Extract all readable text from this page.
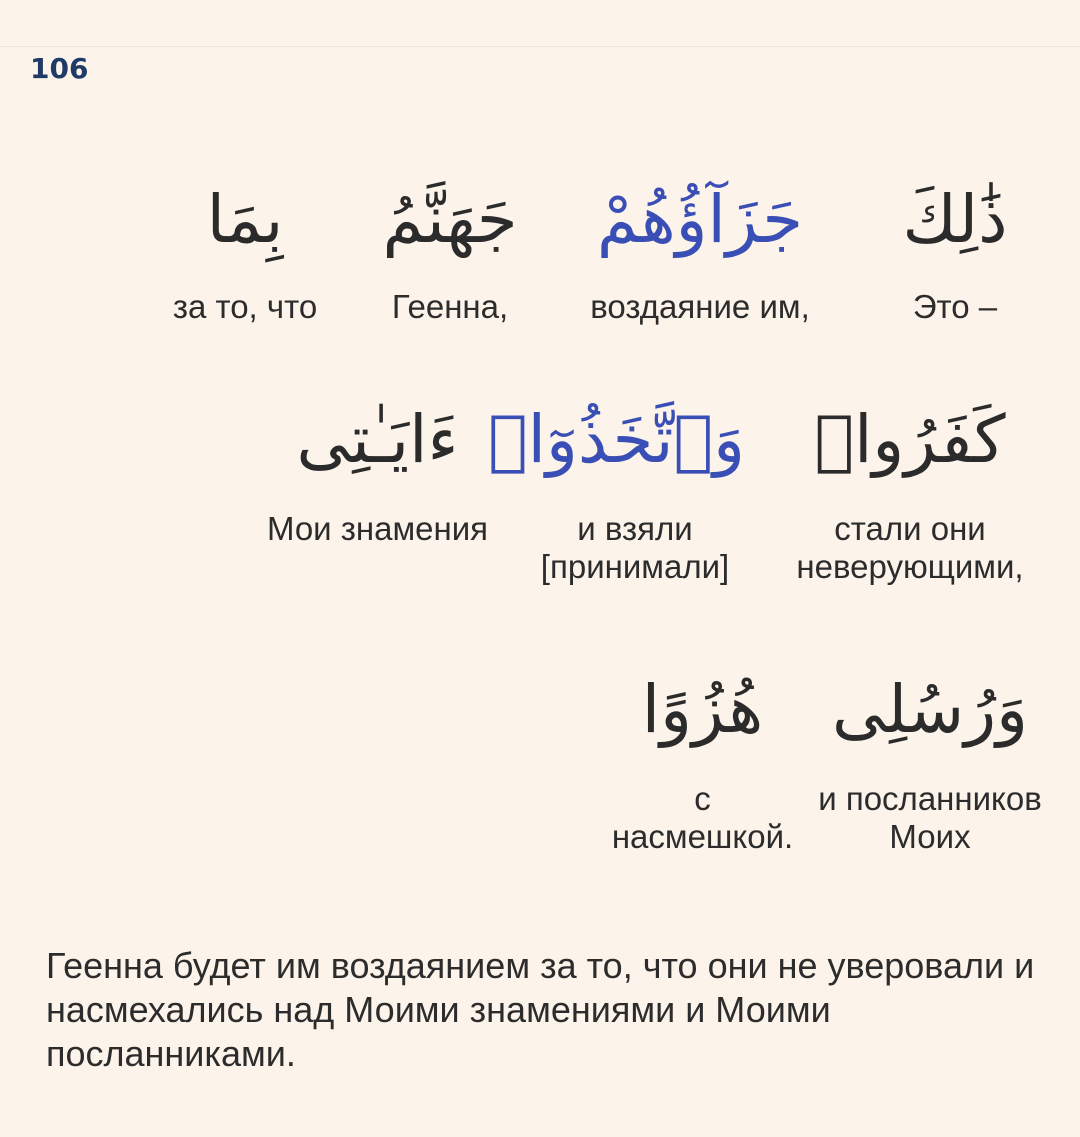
106
ذَٰلِكَ
Это –
جَزَآؤُهُمْ
воздаяние им,
جَهَنَّمُ
Геенна,
بِمَا
за то, что
كَفَرُوا۟
стали они
неверующими,
وَٱتَّخَذُوٓا۟
и взяли
[принимали]
ءَايَـٰتِى
Мои знамения
وَرُسُلِى
и посланников
Моих
هُزُوًا
с
насмешкой.

Геенна будет им воздаянием за то, что они не уверовали и насмехались над Моими знамениями и Моими посланниками.
